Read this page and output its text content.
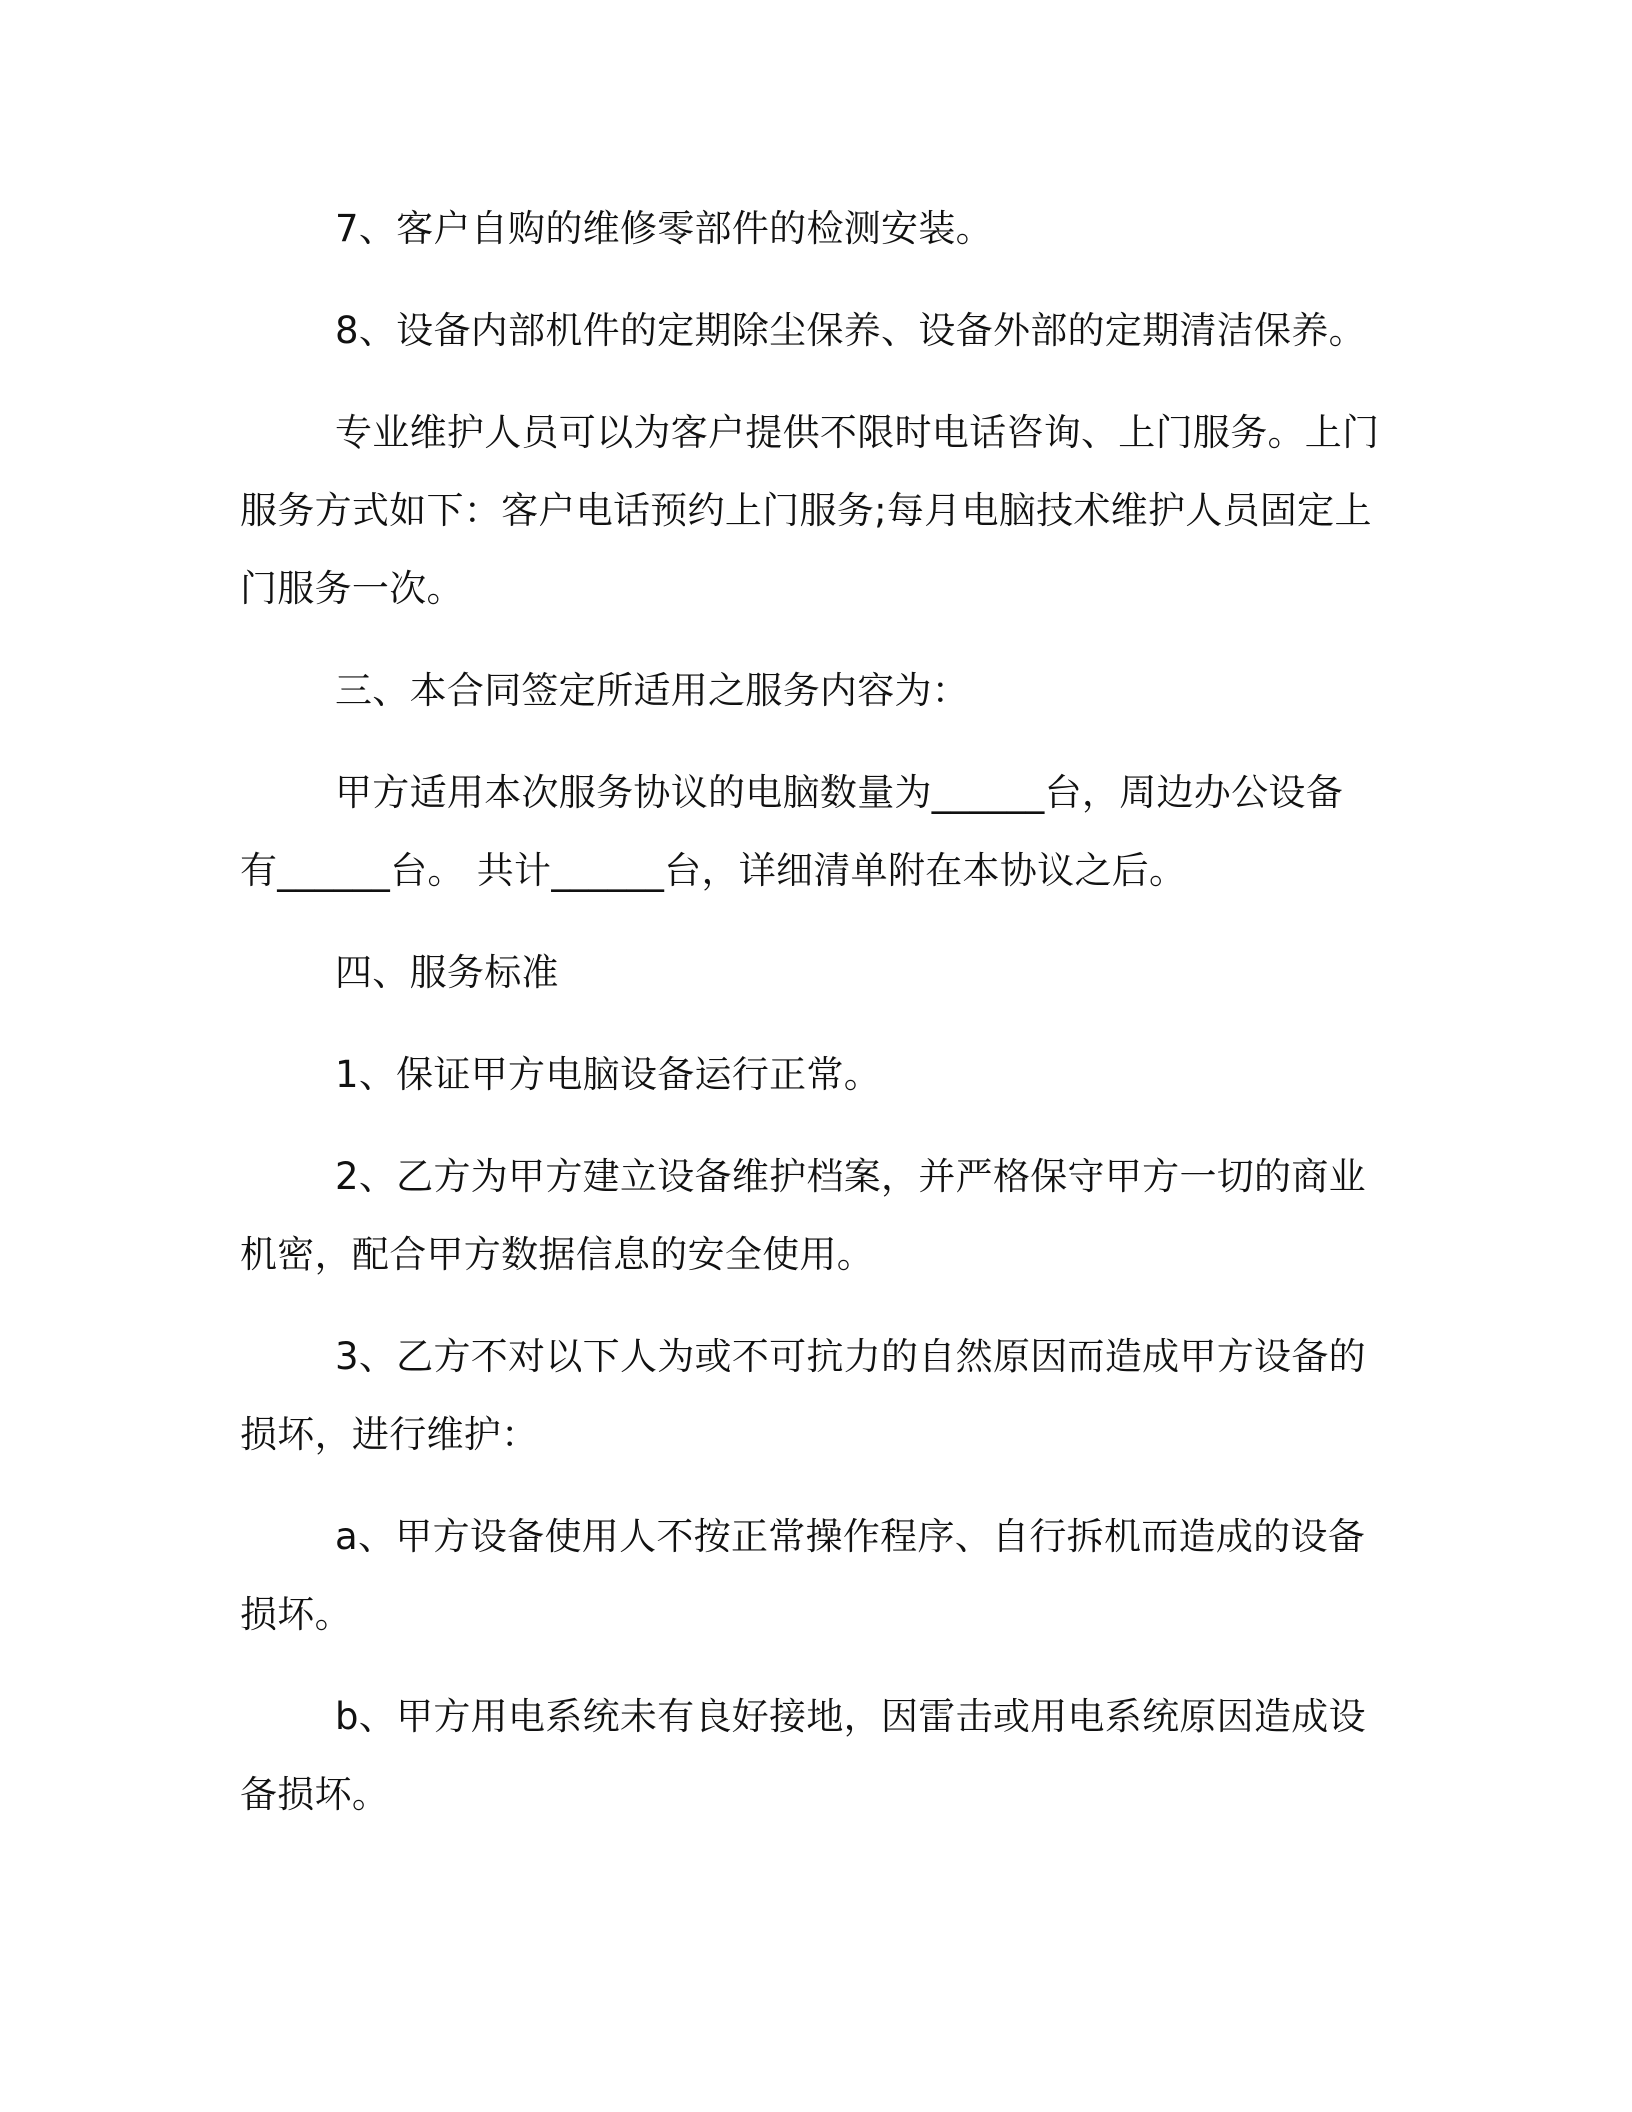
7、客户自购的维修零部件的检测安装。

8、设备内部机件的定期除尘保养、设备外部的定期清洁保养。

专业维护人员可以为客户提供不限时电话咨询、上门服务。上门服务方式如下：客户电话预约上门服务;每月电脑技术维护人员固定上门服务一次。

三、本合同签定所适用之服务内容为：

甲方适用本次服务协议的电脑数量为______台，周边办公设备有______台。 共计______台，详细清单附在本协议之后。

四、服务标准

1、保证甲方电脑设备运行正常。

2、乙方为甲方建立设备维护档案，并严格保守甲方一切的商业机密，配合甲方数据信息的安全使用。

3、乙方不对以下人为或不可抗力的自然原因而造成甲方设备的损坏，进行维护：

a、甲方设备使用人不按正常操作程序、自行拆机而造成的设备损坏。

b、甲方用电系统未有良好接地，因雷击或用电系统原因造成设备损坏。
